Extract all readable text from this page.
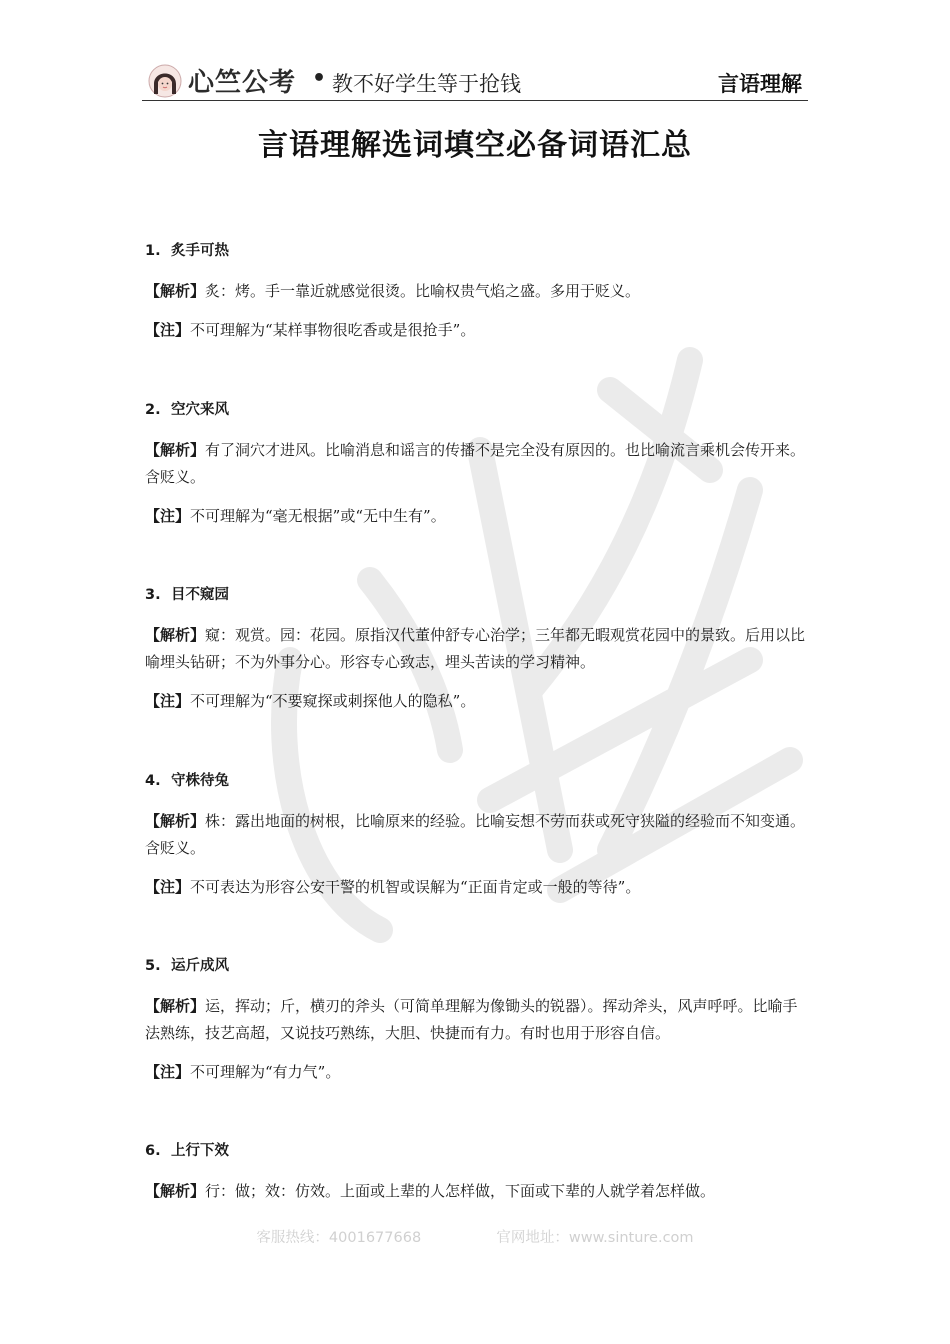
心竺公考 • 教不好学生等于抢钱	言语理解
言语理解选词填空必备词语汇总
1. 炙手可热

【解析】炙：烤。手一靠近就感觉很烫。比喻权贵气焰之盛。多用于贬义。

【注】不可理解为“某样事物很吃香或是很抢手”。

2. 空穴来风

【解析】有了洞穴才进风。比喻消息和谣言的传播不是完全没有原因的。也比喻流言乘机会传开来。含贬义。

【注】不可理解为“毫无根据”或“无中生有”。

3. 目不窥园

【解析】窥：观赏。园：花园。原指汉代董仲舒专心治学；三年都无暇观赏花园中的景致。后用以比喻埋头钻研；不为外事分心。形容专心致志，埋头苦读的学习精神。

【注】不可理解为“不要窥探或刺探他人的隐私”。

4. 守株待兔

【解析】株：露出地面的树根，比喻原来的经验。比喻妄想不劳而获或死守狭隘的经验而不知变通。含贬义。

【注】不可表达为形容公安干警的机智或误解为“正面肯定或一般的等待”。

5. 运斤成风

【解析】运，挥动；斤，横刃的斧头（可简单理解为像锄头的锐器）。挥动斧头，风声呼呼。比喻手法熟练，技艺高超，又说技巧熟练，大胆、快捷而有力。有时也用于形容自信。

【注】不可理解为“有力气”。

6. 上行下效

【解析】行：做；效：仿效。上面或上辈的人怎样做，下面或下辈的人就学着怎样做。

客服热线：4001677668	官网地址：www.sinture.com
